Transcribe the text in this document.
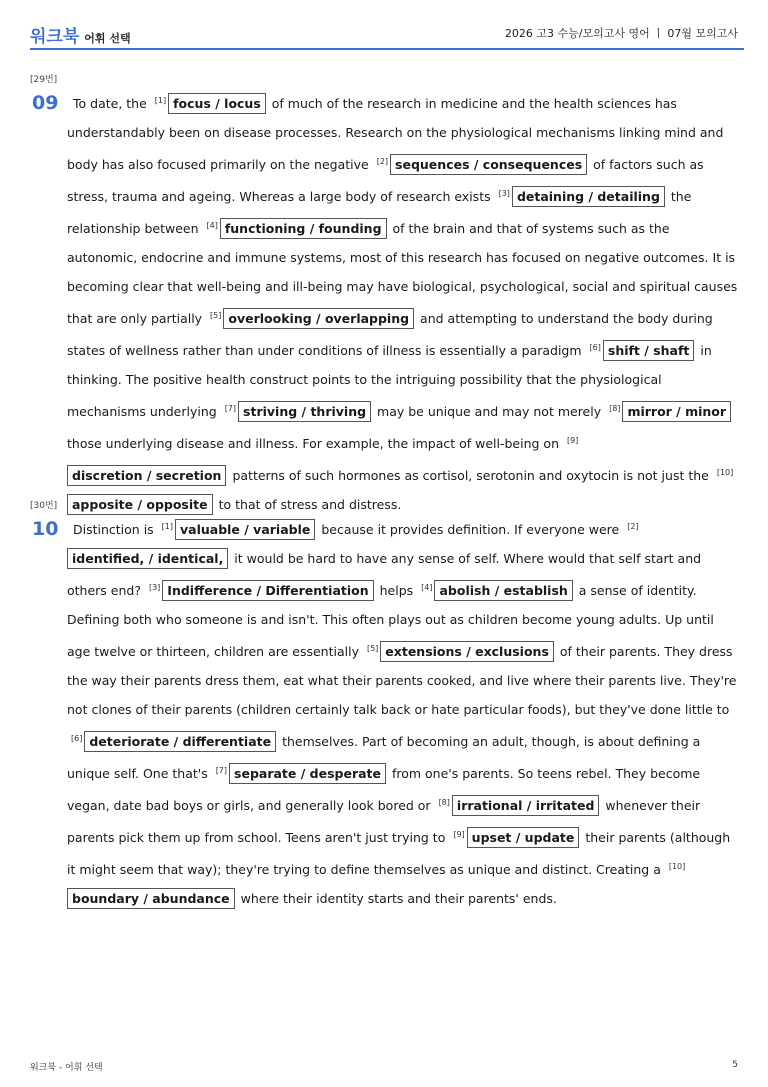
워크북 어휘 선택	2026 고3 수능/모의고사 영어 ㅣ 07월 모의고사
[29번]
09	To date, the [1] focus / locus of much of the research in medicine and the health sciences has understandably been on disease processes. Research on the physiological mechanisms linking mind and body has also focused primarily on the negative [2] sequences / consequences of factors such as stress, trauma and ageing. Whereas a large body of research exists [3] detaining / detailing the relationship between [4] functioning / founding of the brain and that of systems such as the autonomic, endocrine and immune systems, most of this research has focused on negative outcomes. It is becoming clear that well-being and ill-being may have biological, psychological, social and spiritual causes that are only partially [5] overlooking / overlapping and attempting to understand the body during states of wellness rather than under conditions of illness is essentially a paradigm [6] shift / shaft in thinking. The positive health construct points to the intriguing possibility that the physiological mechanisms underlying [7] striving / thriving may be unique and may not merely [8] mirror / minor those underlying disease and illness. For example, the impact of well-being on [9]discretion / secretion patterns of such hormones as cortisol, serotonin and oxytocin is not just the [10]apposite / opposite to that of stress and distress.
[30번]
10	Distinction is [1] valuable / variable because it provides definition. If everyone were [2]identified, / identical, it would be hard to have any sense of self. Where would that self start and others end? [3] Indifference / Differentiation helps [4] abolish / establish a sense of identity. Defining both who someone is and isn't. This often plays out as children become young adults. Up until age twelve or thirteen, children are essentially [5] extensions / exclusions of their parents. They dress the way their parents dress them, eat what their parents cooked, and live where their parents live. They're not clones of their parents (children certainly talk back or hate particular foods), but they've done little to [6] deteriorate / differentiate themselves. Part of becoming an adult, though, is about defining a unique self. One that's [7] separate / desperate from one's parents. So teens rebel. They become vegan, date bad boys or girls, and generally look bored or [8] irrational / irritated whenever their parents pick them up from school. Teens aren't just trying to [9] upset / update their parents (although it might seem that way); they're trying to define themselves as unique and distinct. Creating a [10]boundary / abundance where their identity starts and their parents' ends.
워크북 - 어휘 선택	5
